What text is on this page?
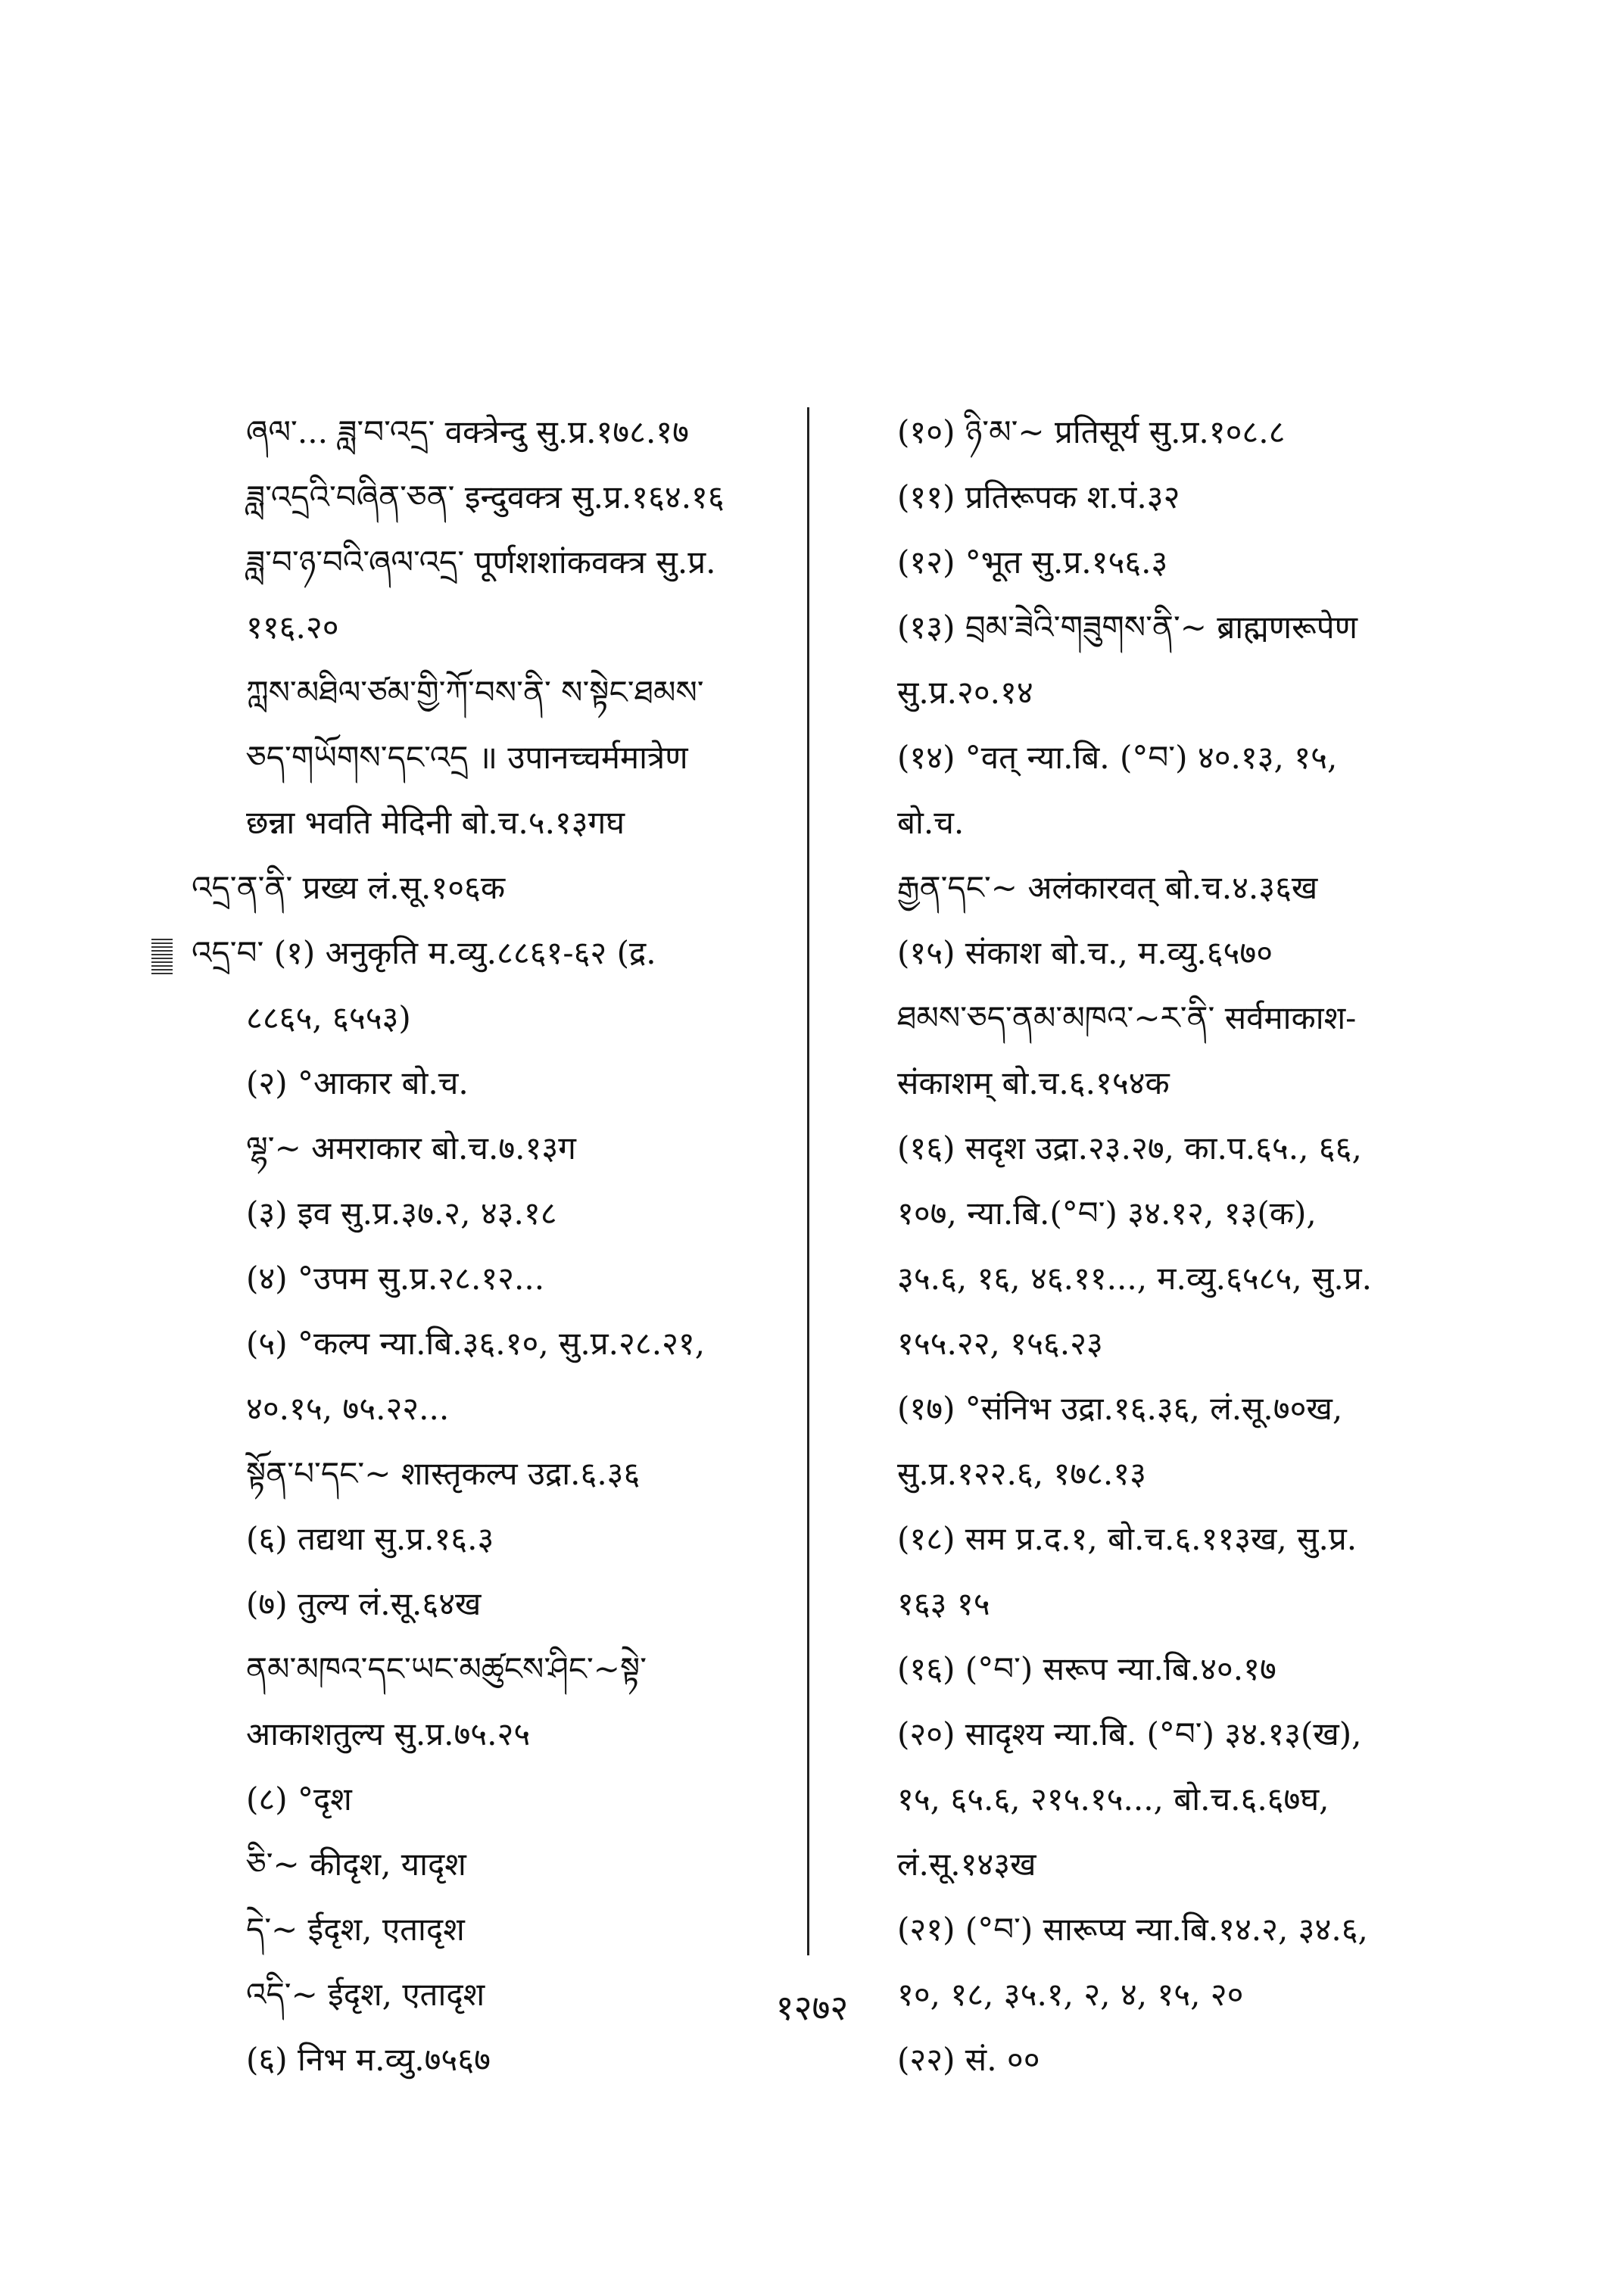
ཞལ་... ཟླ་བ་འདྲ་ वक्त्रेन्दु सु.प्र.१७८.१७
ཟླ་འདྲའི་བཞིན་ཅན་ इन्दुवक्त्र सु.प्र.१६४.१६
ཟླ་བ་ཉ་བའི་ཞལ་འདྲ་ पूर्णशशांकवक्त्र सु.प्र.
११६.२०
ཀླས་མཐིལ་ཙམ་གྱི་ཀོ་བས་ནི་ ས་སྟེང་ཐམས་
ཅད་གཡོགས་དང་འདྲ ॥ उपानच्चर्ममात्रेण
छन्ना भवति मेदिनी बो.च.५.१३गघ
འདྲ་ན་ནི་ प्रख्य लं.सू.१०६क
འདྲ་བ་ (१) अनुकृति म.व्यु.८८६१-६२ (द्र.
८८६५, ६५५३)
(२) °आकार बो.च.
ལྷ་~ अमराकार बो.च.७.१३ग
(३) इव सु.प्र.३७.२, ४३.१८
(४) °उपम सु.प्र.२८.१२...
(५) °कल्प न्या.बि.३६.१०, सु.प्र.२८.२१,
४०.१५, ७५.२२...
སྟོན་པ་དང་~ शास्तृकल्प उद्रा.६.३६
(६) तद्यथा सु.प्र.१६.३
(७) तुल्य लं.सू.६४ख
ནམ་མཁའ་དང་ཡང་མཚུངས་ཤིང་~སྟེ་
आकाशतुल्य सु.प्र.७५.२५
(८) °दृश
ཅི་~ कीदृश, यादृश
དེ་~ ईदृश, एतादृश
འདི་~ ईदृश, एतादृश
(६) निभ म.व्यु.७५६७
(१०) ཉི་མ་~ प्रतिसूर्य सु.प्र.१०८.८
(११) प्रतिरूपक श.पं.३२
(१२) °भूत सु.प्र.१५६.३
(१३) བྲམ་ཟེའི་གཟུགས་ནི་~ ब्राह्मणरूपेण
सु.प्र.२०.१४
(१४) °वत् न्या.बि. (°བ་) ४०.१३, १५,
बो.च.
རྒྱན་དང་~ अलंकारवत् बो.च.४.३६ख
(१५) संकाश बो.च., म.व्यु.६५७०
ཐམས་ཅད་ནམ་མཁའ་~ར་ནི་ सर्वमाकाश-
संकाशम् बो.च.६.१५४क
(१६) सदृश उद्रा.२३.२७, का.प.६५., ६६,
१०७, न्या.बि.(°བ་) ३४.१२, १३(क),
३५.६, १६, ४६.११..., म.व्यु.६५८५, सु.प्र.
१५५.२२, १५६.२३
(१७) °संनिभ उद्रा.१६.३६, लं.सू.७०ख,
सु.प्र.१२२.६, १७८.१३
(१८) सम प्र.द.१, बो.च.६.११३ख, सु.प्र.
१६३ १५
(१६) (°བ་) सरूप न्या.बि.४०.१७
(२०) सादृश्य न्या.बि. (°བ་) ३४.१३(ख),
१५, ६५.६, २१५.१५..., बो.च.६.६७घ,
लं.सू.१४३ख
(२१) (°བ་) सारूप्य न्या.बि.१४.२, ३४.६,
१०, १८, ३५.१, २, ४, १५, २०
(२२) सं. ००
१२७२
